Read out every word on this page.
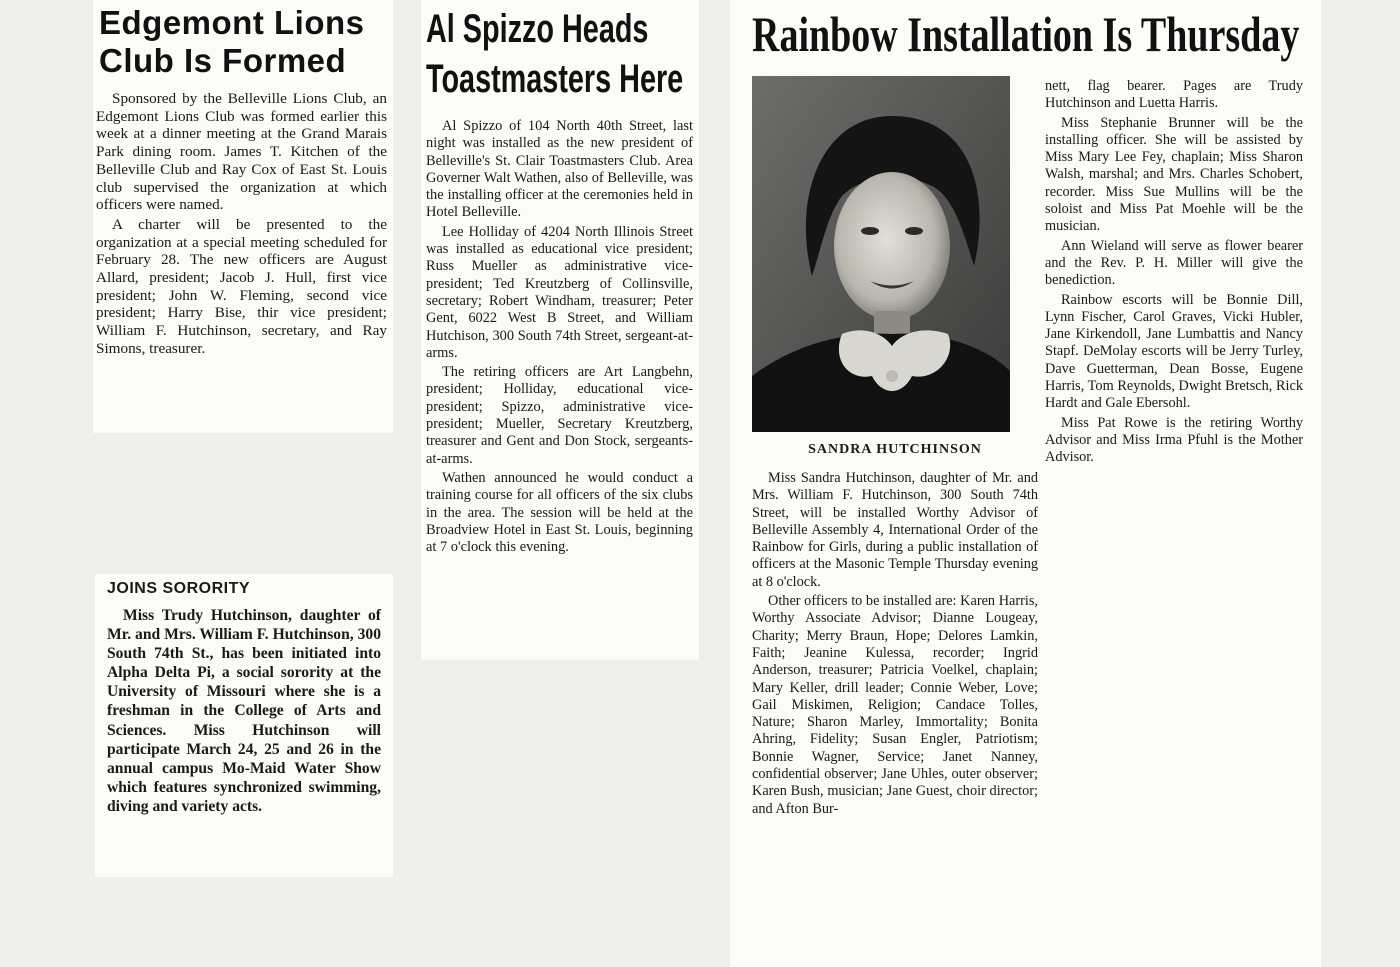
Edgemont Lions
Club Is Formed

Sponsored by the Belleville Lions Club, an Edgemont Lions Club was formed earlier this week at a dinner meeting at the Grand Marais Park dining room. James T. Kitchen of the Belleville Club and Ray Cox of East St. Louis club supervised the organization at which officers were named.

A charter will be presented to the organization at a special meeting scheduled for February 28. The new officers are August Allard, president; Jacob J. Hull, first vice president; John W. Fleming, second vice president; Harry Bise, thir vice president; William F. Hutchinson, secretary, and Ray Simons, treasurer.

JOINS SORORITY

Miss Trudy Hutchinson, daughter of Mr. and Mrs. William F. Hutchinson, 300 South 74th St., has been initiated into Alpha Delta Pi, a social sorority at the University of Missouri where she is a freshman in the College of Arts and Sciences. Miss Hutchinson will participate March 24, 25 and 26 in the annual campus Mo-Maid Water Show which features synchronized swimming, diving and variety acts.

Al Spizzo Heads
Toastmasters Here

Al Spizzo of 104 North 40th Street, last night was installed as the new president of Belleville's St. Clair Toastmasters Club. Area Governer Walt Wathen, also of Belleville, was the installing officer at the ceremonies held in Hotel Belleville.

Lee Holliday of 4204 North Illinois Street was installed as educational vice president; Russ Mueller as administrative vice-president; Ted Kreutzberg of Collinsville, secretary; Robert Windham, treasurer; Peter Gent, 6022 West B Street, and William Hutchison, 300 South 74th Street, sergeant-at-arms.

The retiring officers are Art Langbehn, president; Holliday, educational vice-president; Spizzo, administrative vice-president; Mueller, Secretary Kreutzberg, treasurer and Gent and Don Stock, sergeants-at-arms.

Wathen announced he would conduct a training course for all officers of the six clubs in the area. The session will be held at the Broadview Hotel in East St. Louis, beginning at 7 o'clock this evening.

Rainbow Installation Is Thursday
SANDRA HUTCHINSON

Miss Sandra Hutchinson, daughter of Mr. and Mrs. William F. Hutchinson, 300 South 74th Street, will be installed Worthy Advisor of Belleville Assembly 4, International Order of the Rainbow for Girls, during a public installation of officers at the Masonic Temple Thursday evening at 8 o'clock.

Other officers to be installed are: Karen Harris, Worthy Associate Advisor; Dianne Lougeay, Charity; Merry Braun, Hope; Delores Lamkin, Faith; Jeanine Kulessa, recorder; Ingrid Anderson, treasurer; Patricia Voelkel, chaplain; Mary Keller, drill leader; Connie Weber, Love; Gail Miskimen, Religion; Candace Tolles, Nature; Sharon Marley, Immortality; Bonita Ahring, Fidelity; Susan Engler, Patriotism; Bonnie Wagner, Service; Janet Nanney, confidential observer; Jane Uhles, outer observer; Karen Bush, musician; Jane Guest, choir director; and Afton Bur-

nett, flag bearer. Pages are Trudy Hutchinson and Luetta Harris.

Miss Stephanie Brunner will be the installing officer. She will be assisted by Miss Mary Lee Fey, chaplain; Miss Sharon Walsh, marshal; and Mrs. Charles Schobert, recorder. Miss Sue Mullins will be the soloist and Miss Pat Moehle will be the musician.

Ann Wieland will serve as flower bearer and the Rev. P. H. Miller will give the benediction.

Rainbow escorts will be Bonnie Dill, Lynn Fischer, Carol Graves, Vicki Hubler, Jane Kirkendoll, Jane Lumbattis and Nancy Stapf. DeMolay escorts will be Jerry Turley, Dave Guetterman, Dean Bosse, Eugene Harris, Tom Reynolds, Dwight Bretsch, Rick Hardt and Gale Ebersohl.

Miss Pat Rowe is the retiring Worthy Advisor and Miss Irma Pfuhl is the Mother Advisor.
